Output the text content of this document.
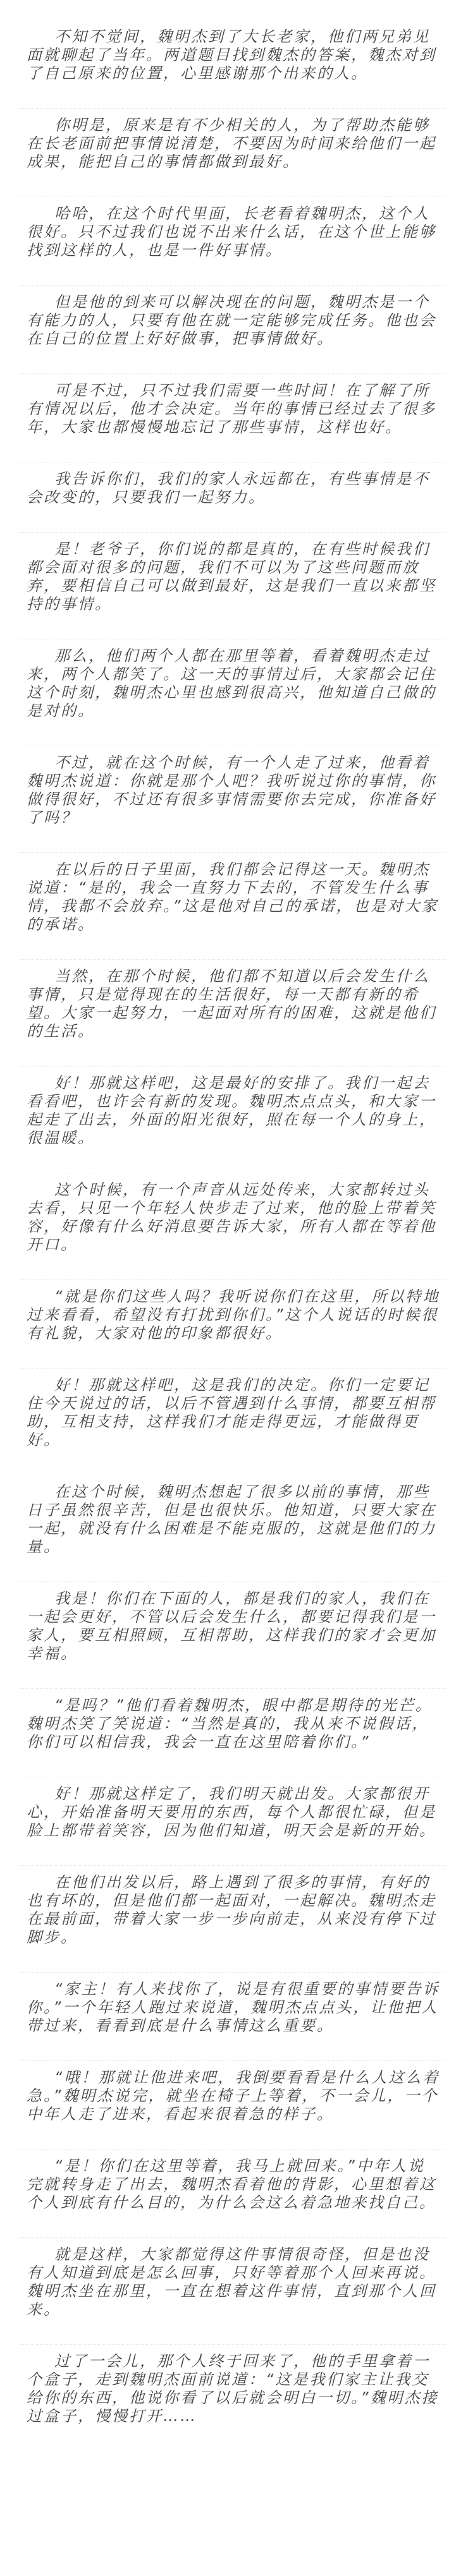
不知不觉间，魏明杰到了大长老家，他们两兄弟见面就聊起了当年。两道题目找到魏杰的答案，魏杰对到了自己原来的位置，心里感谢那个出来的人。

你明是，原来是有不少相关的人，为了帮助杰能够在长老面前把事情说清楚，不要因为时间来给他们一起成果，能把自己的事情都做到最好。

哈哈，在这个时代里面，长老看着魏明杰，这个人很好。只不过我们也说不出来什么话，在这个世上能够找到这样的人，也是一件好事情。

但是他的到来可以解决现在的问题，魏明杰是一个有能力的人，只要有他在就一定能够完成任务。他也会在自己的位置上好好做事，把事情做好。

可是不过，只不过我们需要一些时间！在了解了所有情况以后，他才会决定。当年的事情已经过去了很多年，大家也都慢慢地忘记了那些事情，这样也好。

我告诉你们，我们的家人永远都在，有些事情是不会改变的，只要我们一起努力。

是！老爷子，你们说的都是真的，在有些时候我们都会面对很多的问题，我们不可以为了这些问题而放弃，要相信自己可以做到最好，这是我们一直以来都坚持的事情。

那么，他们两个人都在那里等着，看着魏明杰走过来，两个人都笑了。这一天的事情过后，大家都会记住这个时刻，魏明杰心里也感到很高兴，他知道自己做的是对的。

不过，就在这个时候，有一个人走了过来，他看着魏明杰说道：你就是那个人吧？我听说过你的事情，你做得很好，不过还有很多事情需要你去完成，你准备好了吗？

在以后的日子里面，我们都会记得这一天。魏明杰说道：“是的，我会一直努力下去的，不管发生什么事情，我都不会放弃。”这是他对自己的承诺，也是对大家的承诺。

当然，在那个时候，他们都不知道以后会发生什么事情，只是觉得现在的生活很好，每一天都有新的希望。大家一起努力，一起面对所有的困难，这就是他们的生活。

好！那就这样吧，这是最好的安排了。我们一起去看看吧，也许会有新的发现。魏明杰点点头，和大家一起走了出去，外面的阳光很好，照在每一个人的身上，很温暖。

这个时候，有一个声音从远处传来，大家都转过头去看，只见一个年轻人快步走了过来，他的脸上带着笑容，好像有什么好消息要告诉大家，所有人都在等着他开口。

“就是你们这些人吗？我听说你们在这里，所以特地过来看看，希望没有打扰到你们。”这个人说话的时候很有礼貌，大家对他的印象都很好。

好！那就这样吧，这是我们的决定。你们一定要记住今天说过的话，以后不管遇到什么事情，都要互相帮助，互相支持，这样我们才能走得更远，才能做得更好。

在这个时候，魏明杰想起了很多以前的事情，那些日子虽然很辛苦，但是也很快乐。他知道，只要大家在一起，就没有什么困难是不能克服的，这就是他们的力量。

我是！你们在下面的人，都是我们的家人，我们在一起会更好，不管以后会发生什么，都要记得我们是一家人，要互相照顾，互相帮助，这样我们的家才会更加幸福。

“是吗？”他们看着魏明杰，眼中都是期待的光芒。魏明杰笑了笑说道：“当然是真的，我从来不说假话，你们可以相信我，我会一直在这里陪着你们。”

好！那就这样定了，我们明天就出发。大家都很开心，开始准备明天要用的东西，每个人都很忙碌，但是脸上都带着笑容，因为他们知道，明天会是新的开始。

在他们出发以后，路上遇到了很多的事情，有好的也有坏的，但是他们都一起面对，一起解决。魏明杰走在最前面，带着大家一步一步向前走，从来没有停下过脚步。

“家主！有人来找你了，说是有很重要的事情要告诉你。”一个年轻人跑过来说道，魏明杰点点头，让他把人带过来，看看到底是什么事情这么重要。

“哦！那就让他进来吧，我倒要看看是什么人这么着急。”魏明杰说完，就坐在椅子上等着，不一会儿，一个中年人走了进来，看起来很着急的样子。

“是！你们在这里等着，我马上就回来。”中年人说完就转身走了出去，魏明杰看着他的背影，心里想着这个人到底有什么目的，为什么会这么着急地来找自己。

就是这样，大家都觉得这件事情很奇怪，但是也没有人知道到底是怎么回事，只好等着那个人回来再说。魏明杰坐在那里，一直在想着这件事情，直到那个人回来。

过了一会儿，那个人终于回来了，他的手里拿着一个盒子，走到魏明杰面前说道：“这是我们家主让我交给你的东西，他说你看了以后就会明白一切。”魏明杰接过盒子，慢慢打开……
